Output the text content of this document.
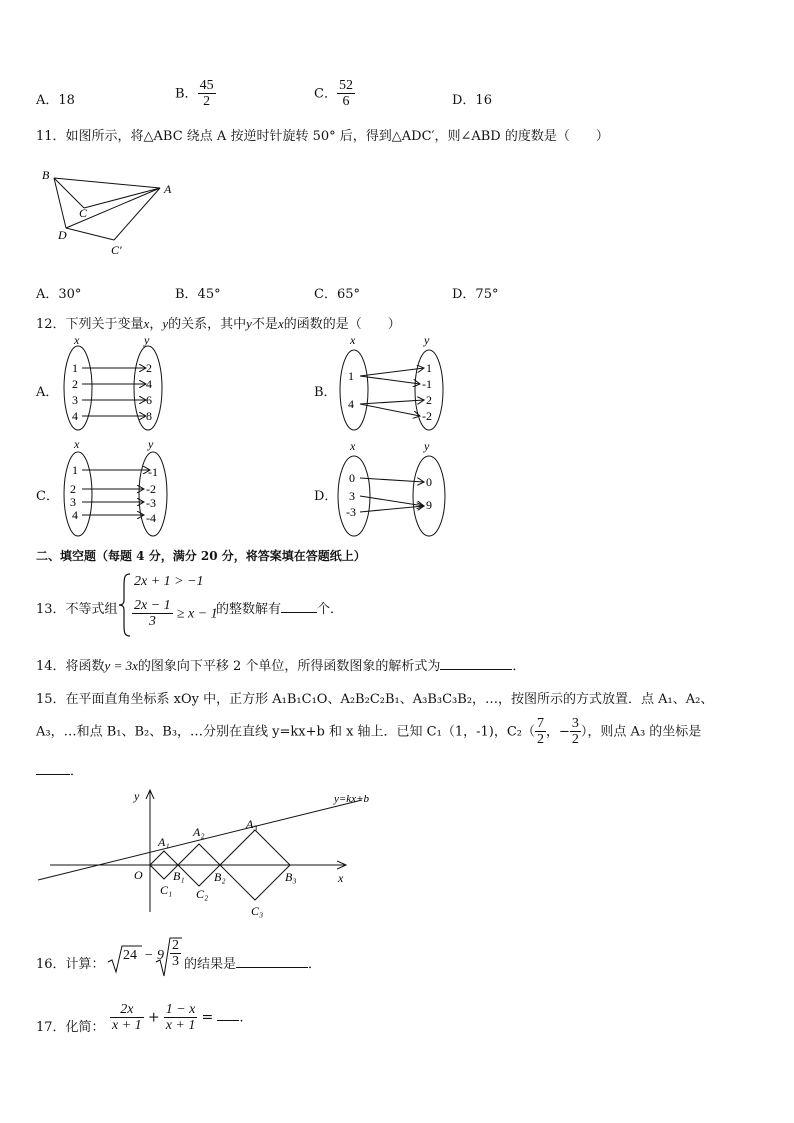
A．18	B． $\frac{45}{2}$	C． $\frac{52}{6}$	D．16
11．如图所示，将△ABC 绕点 A 按逆时针旋转 50° 后，得到△ADC′，则∠ABD 的度数是（　　）
B
A
C
D
C′
A．30°	B．45°	C．65°	D．75°
12．下列关于变量x，y的关系，其中y不是x的函数的是（　　）
A．
x	y
1
2
3
4
2
4
6
8
B．
x	y
1
4
1
-1
2
-2
C．
x	y
1
2
3
4
-1
-2
-3
-4
D．
x	y
0
3
-3
0
9
二、填空题（每题 4 分，满分 20 分，将答案填在答题纸上）
13．不等式组
2x + 1 > −1
$\frac{2x - 1}{3} \ge x - 1$
的整数解有	个．
14．将函数y = 3x的图象向下平移 2 个单位，所得函数图象的解析式为	．
15．在平面直角坐标系 xOy 中，正方形 A₁B₁C₁O、A₂B₂C₂B₁、A₃B₃C₃B₂，…，按图所示的方式放置．点 A₁、A₂、
A₃，…和点 B₁、B₂、B₃，…分别在直线 y=kx+b 和 x 轴上．已知 C₁（1，-1)，$C_2( \frac{7}{2}$ ，− $\frac{3}{2}$ ），则点 A₃ 的坐标是
．
y
x
O
y=kx+b
A₁
A₂
A₃
B₁ B₂	B₃
C₁ C₂
C₃
16．计算：
$24 - 9 \frac{2}{3}$ 的结果是	．
17．化简： $\frac{2x}{x + 1} + \frac{1 - x}{x + 1}$ = .
